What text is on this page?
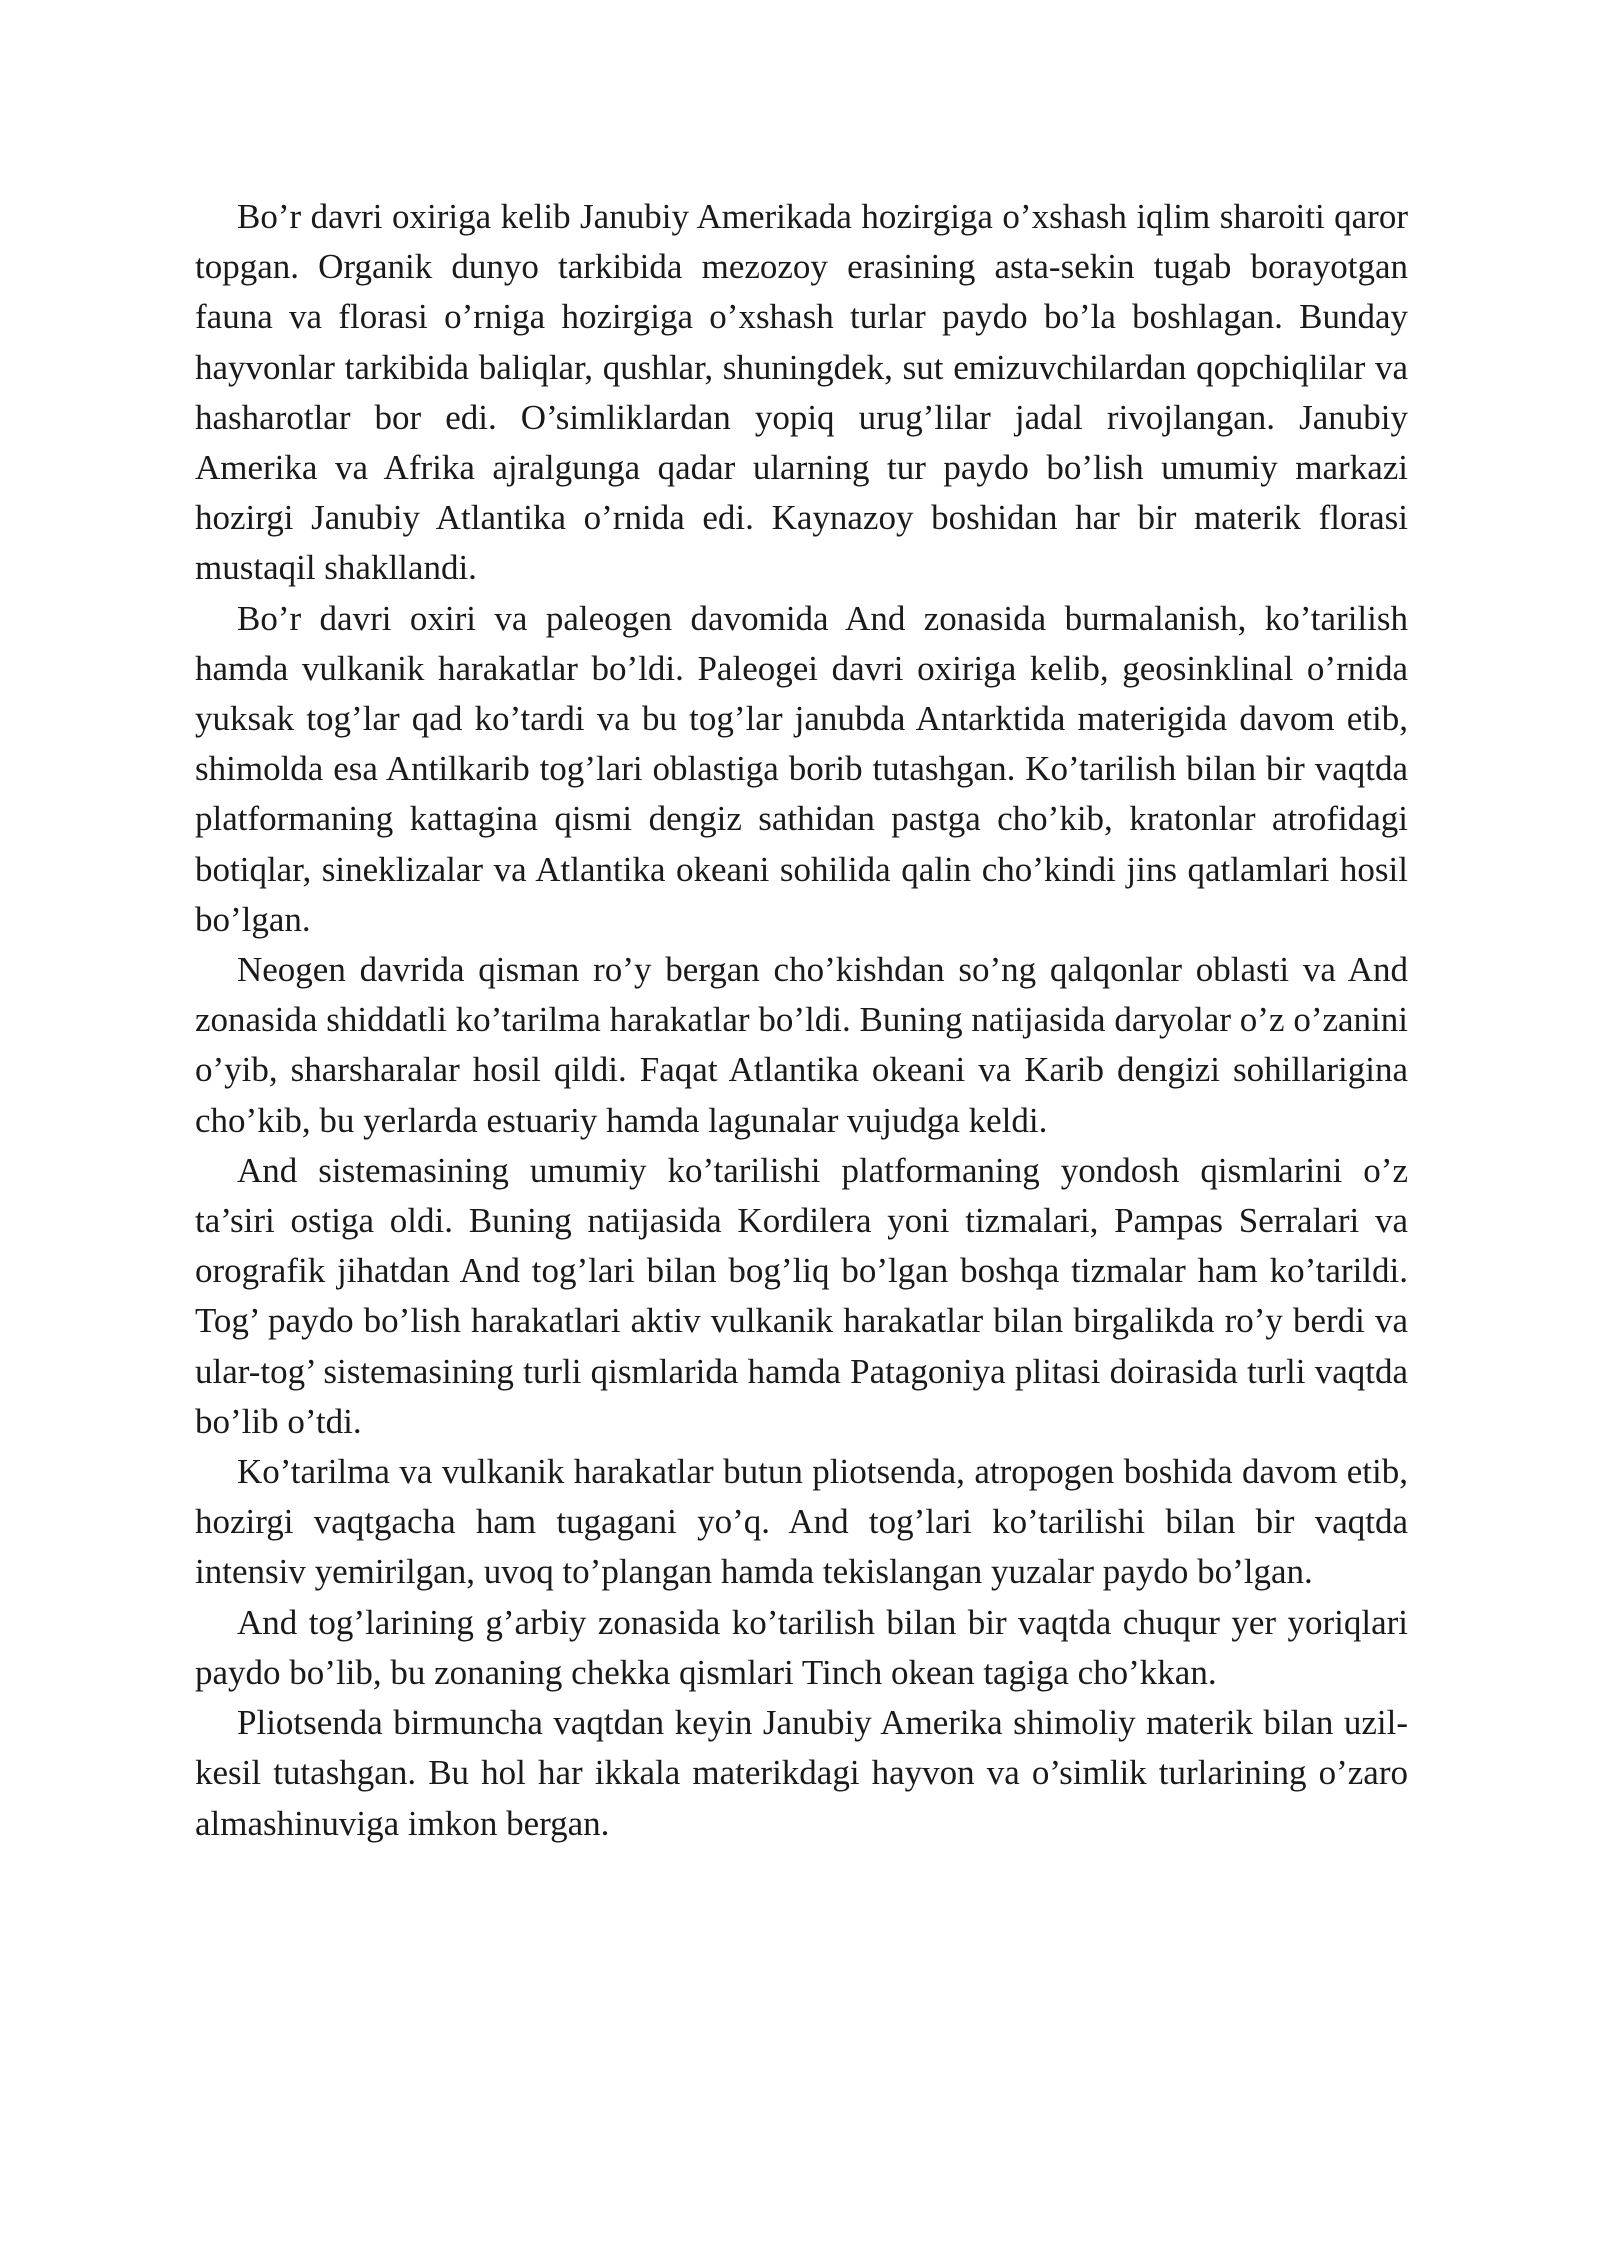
Bo’r davri oxiriga kelib Janubiy Amerikada hozirgiga o’xshash iqlim sharoiti qaror topgan. Organik dunyo tarkibida mezozoy erasining asta-sekin tugab borayotgan fauna va florasi o’rniga hozirgiga o’xshash turlar paydo bo’la boshlagan. Bunday hayvonlar tarkibida baliqlar, qushlar, shuningdek, sut emizuvchilardan qopchiqlilar va hasharotlar bor edi. O’simliklardan yopiq urug’lilar jadal rivojlangan. Janubiy Amerika va Afrika ajralgunga qadar ularning tur paydo bo’lish umumiy markazi hozirgi Janubiy Atlantika o’rnida edi. Kaynazoy boshidan har bir materik florasi mustaqil shakllandi.

Bo’r davri oxiri va paleogen davomida And zonasida burmalanish, ko’tarilish hamda vulkanik harakatlar bo’ldi. Paleogei davri oxiriga kelib, geosinklinal o’rnida yuksak tog’lar qad ko’tardi va bu tog’lar janubda Antarktida materigida davom etib, shimolda esa Antilkarib tog’lari oblastiga borib tutashgan. Ko’tarilish bilan bir vaqtda platformaning kattagina qismi dengiz sathidan pastga cho’kib, kratonlar atrofidagi botiqlar, sineklizalar va Atlantika okeani sohilida qalin cho’kindi jins qatlamlari hosil bo’lgan.

Neogen davrida qisman ro’y bergan cho’kishdan so’ng qalqonlar oblasti va And zonasida shiddatli ko’tarilma harakatlar bo’ldi. Buning natijasida daryolar o’z o’zanini o’yib, sharsharalar hosil qildi. Faqat Atlantika okeani va Karib dengizi sohillarigina cho’kib, bu yerlarda estuariy hamda lagunalar vujudga keldi.

And sistemasining umumiy ko’tarilishi platformaning yondosh qismlarini o’z ta’siri ostiga oldi. Buning natijasida Kordilera yoni tizmalari, Pampas Serralari va orografik jihatdan And tog’lari bilan bog’liq bo’lgan boshqa tizmalar ham ko’tarildi. Tog’ paydo bo’lish harakatlari aktiv vulkanik harakatlar bilan birgalikda ro’y berdi va ular-tog’ sistemasining turli qismlarida hamda Patagoniya plitasi doirasida turli vaqtda bo’lib o’tdi.

Ko’tarilma va vulkanik harakatlar butun pliotsenda, atropogen boshida davom etib, hozirgi vaqtgacha ham tugagani yo’q. And tog’lari ko’tarilishi bilan bir vaqtda intensiv yemirilgan, uvoq to’plangan hamda tekislangan yuzalar paydo bo’lgan.

And tog’larining g’arbiy zonasida ko’tarilish bilan bir vaqtda chuqur yer yoriqlari paydo bo’lib, bu zonaning chekka qismlari Tinch okean tagiga cho’kkan.

Pliotsenda birmuncha vaqtdan keyin Janubiy Amerika shimoliy materik bilan uzil-kesil tutashgan. Bu hol har ikkala materikdagi hayvon va o’simlik turlarining o’zaro almashinuviga imkon bergan.
